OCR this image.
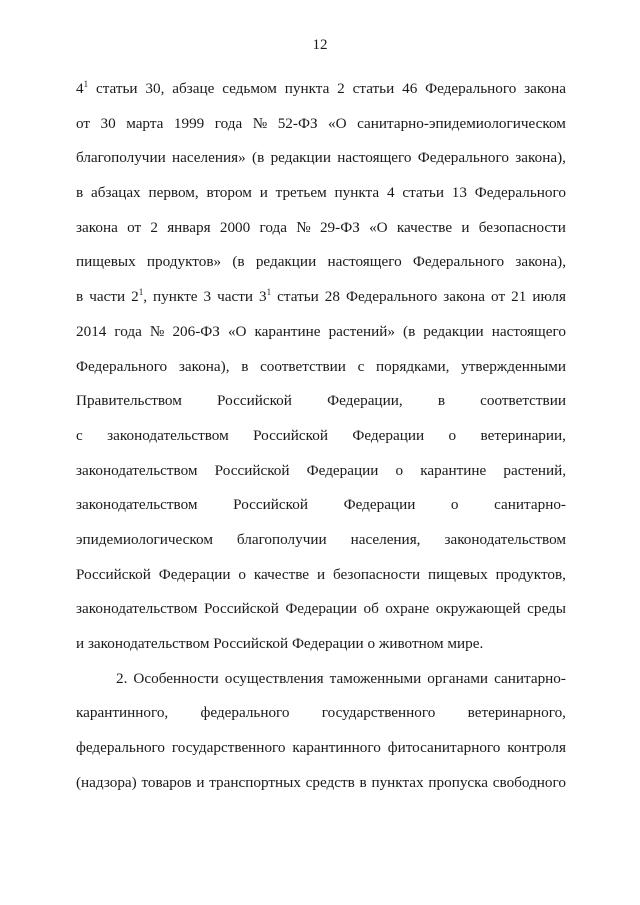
12
$4^1$ статьи 30, абзаце седьмом пункта 2 статьи 46 Федерального закона
от 30 марта 1999 года № 52-ФЗ «О санитарно-эпидемиологическом
благополучии населения» (в редакции настоящего Федерального закона),
в абзацах первом, втором и третьем пункта 4 статьи 13 Федерального
закона от 2 января 2000 года № 29-ФЗ «О качестве и безопасности
пищевых продуктов» (в редакции настоящего Федерального закона),
в части $2^1$, пункте 3 части $3^1$ статьи 28 Федерального закона от 21 июля
2014 года № 206-ФЗ «О карантине растений» (в редакции настоящего
Федерального закона), в соответствии с порядками, утвержденными
Правительством Российской Федерации, в соответствии
с законодательством Российской Федерации о ветеринарии,
законодательством Российской Федерации о карантине растений,
законодательством Российской Федерации о санитарно-
эпидемиологическом благополучии населения, законодательством
Российской Федерации о качестве и безопасности пищевых продуктов,
законодательством Российской Федерации об охране окружающей среды
и законодательством Российской Федерации о животном мире.
2. Особенности осуществления таможенными органами санитарно-
карантинного, федерального государственного ветеринарного,
федерального государственного карантинного фитосанитарного контроля
(надзора) товаров и транспортных средств в пунктах пропуска свободного
